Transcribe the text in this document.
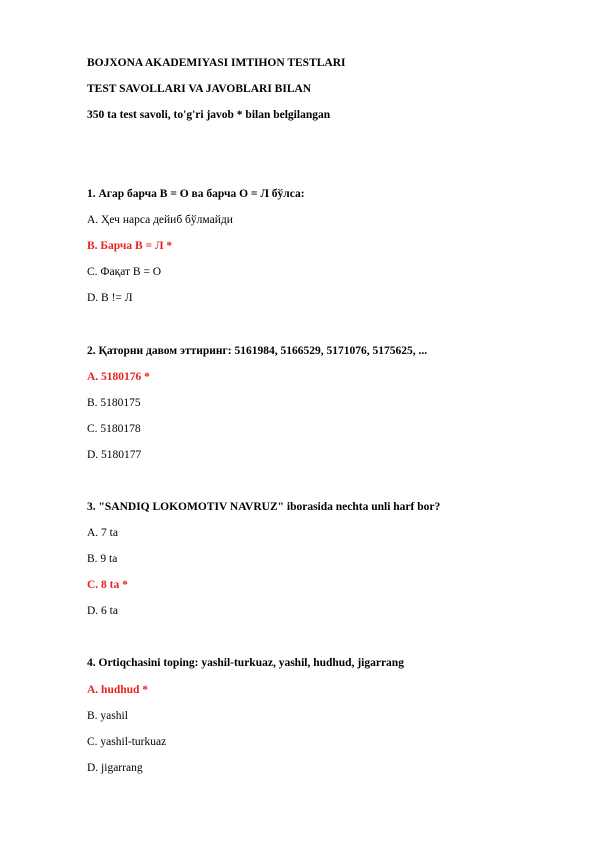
BOJXONA AKADEMIYASI IMTIHON TESTLARI
TEST SAVOLLARI VA JAVOBLARI BILAN
350 ta test savoli, to'g'ri javob * bilan belgilangan
1. Агар барча В = О ва барча О = Л бўлса:
A. Ҳеч нарса дейиб бўлмайди
B. Барча В = Л *
C. Фақат В = О
D. В != Л
2. Қаторни давом эттиринг: 5161984, 5166529, 5171076, 5175625, ...
A. 5180176 *
B. 5180175
C. 5180178
D. 5180177
3. "SANDIQ LOKOMOTIV NAVRUZ" iborasida nechta unli harf bor?
A. 7 ta
B. 9 ta
C. 8 ta *
D. 6 ta
4. Ortiqchasini toping: yashil-turkuaz, yashil, hudhud, jigarrang
A. hudhud *
B. yashil
C. yashil-turkuaz
D. jigarrang
